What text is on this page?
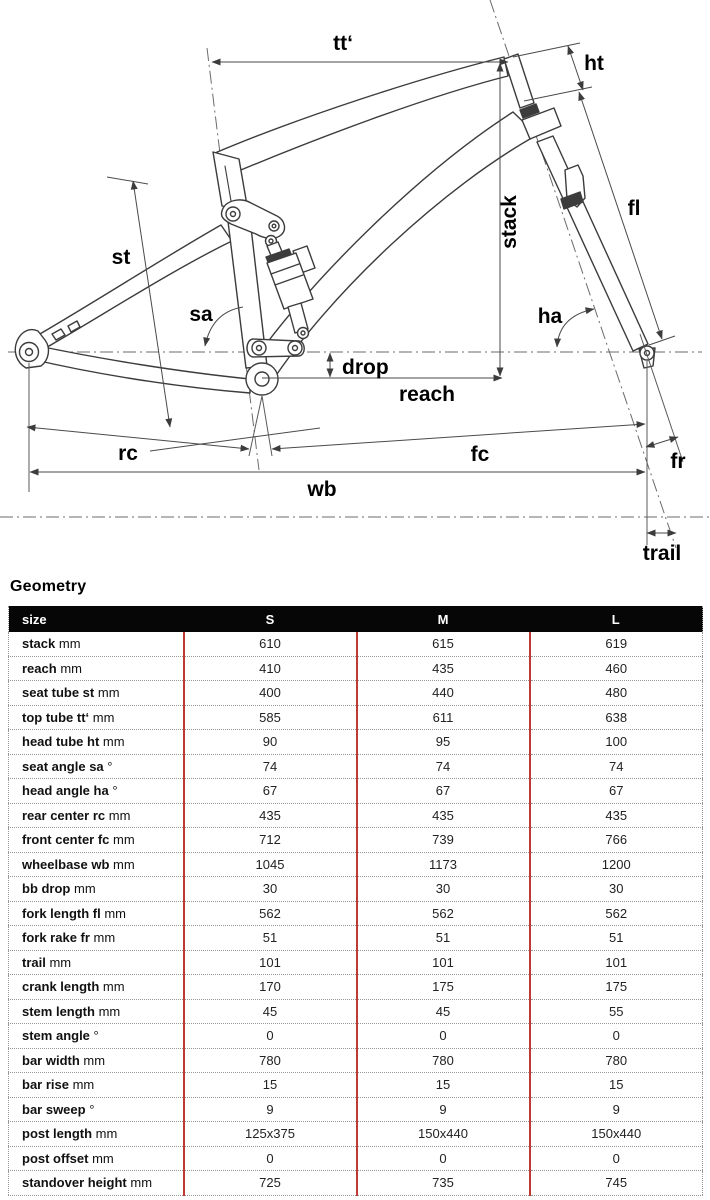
tt‘
ht
st
sa
stack
ha
fl
drop
reach
rc	fc
wb
fr
trail
Geometry
size	S	M	L
stack mm	610	615	619
reach mm	410	435	460
seat tube st mm	400	440	480
top tube tt‘ mm	585	611	638
head tube ht mm	90	95	100
seat angle sa °	74	74	74
head angle ha °	67	67	67
rear center rc mm	435	435	435
front center fc mm	712	739	766
wheelbase wb mm	1045	1173	1200
bb drop mm	30	30	30
fork length fl mm	562	562	562
fork rake fr mm	51	51	51
trail mm	101	101	101
crank length mm	170	175	175
stem length mm	45	45	55
stem angle °	0	0	0
bar width mm	780	780	780
bar rise mm	15	15	15
bar sweep °	9	9	9
post length mm	125x375	150x440	150x440
post offset mm	0	0	0
standover height mm	725	735	745
